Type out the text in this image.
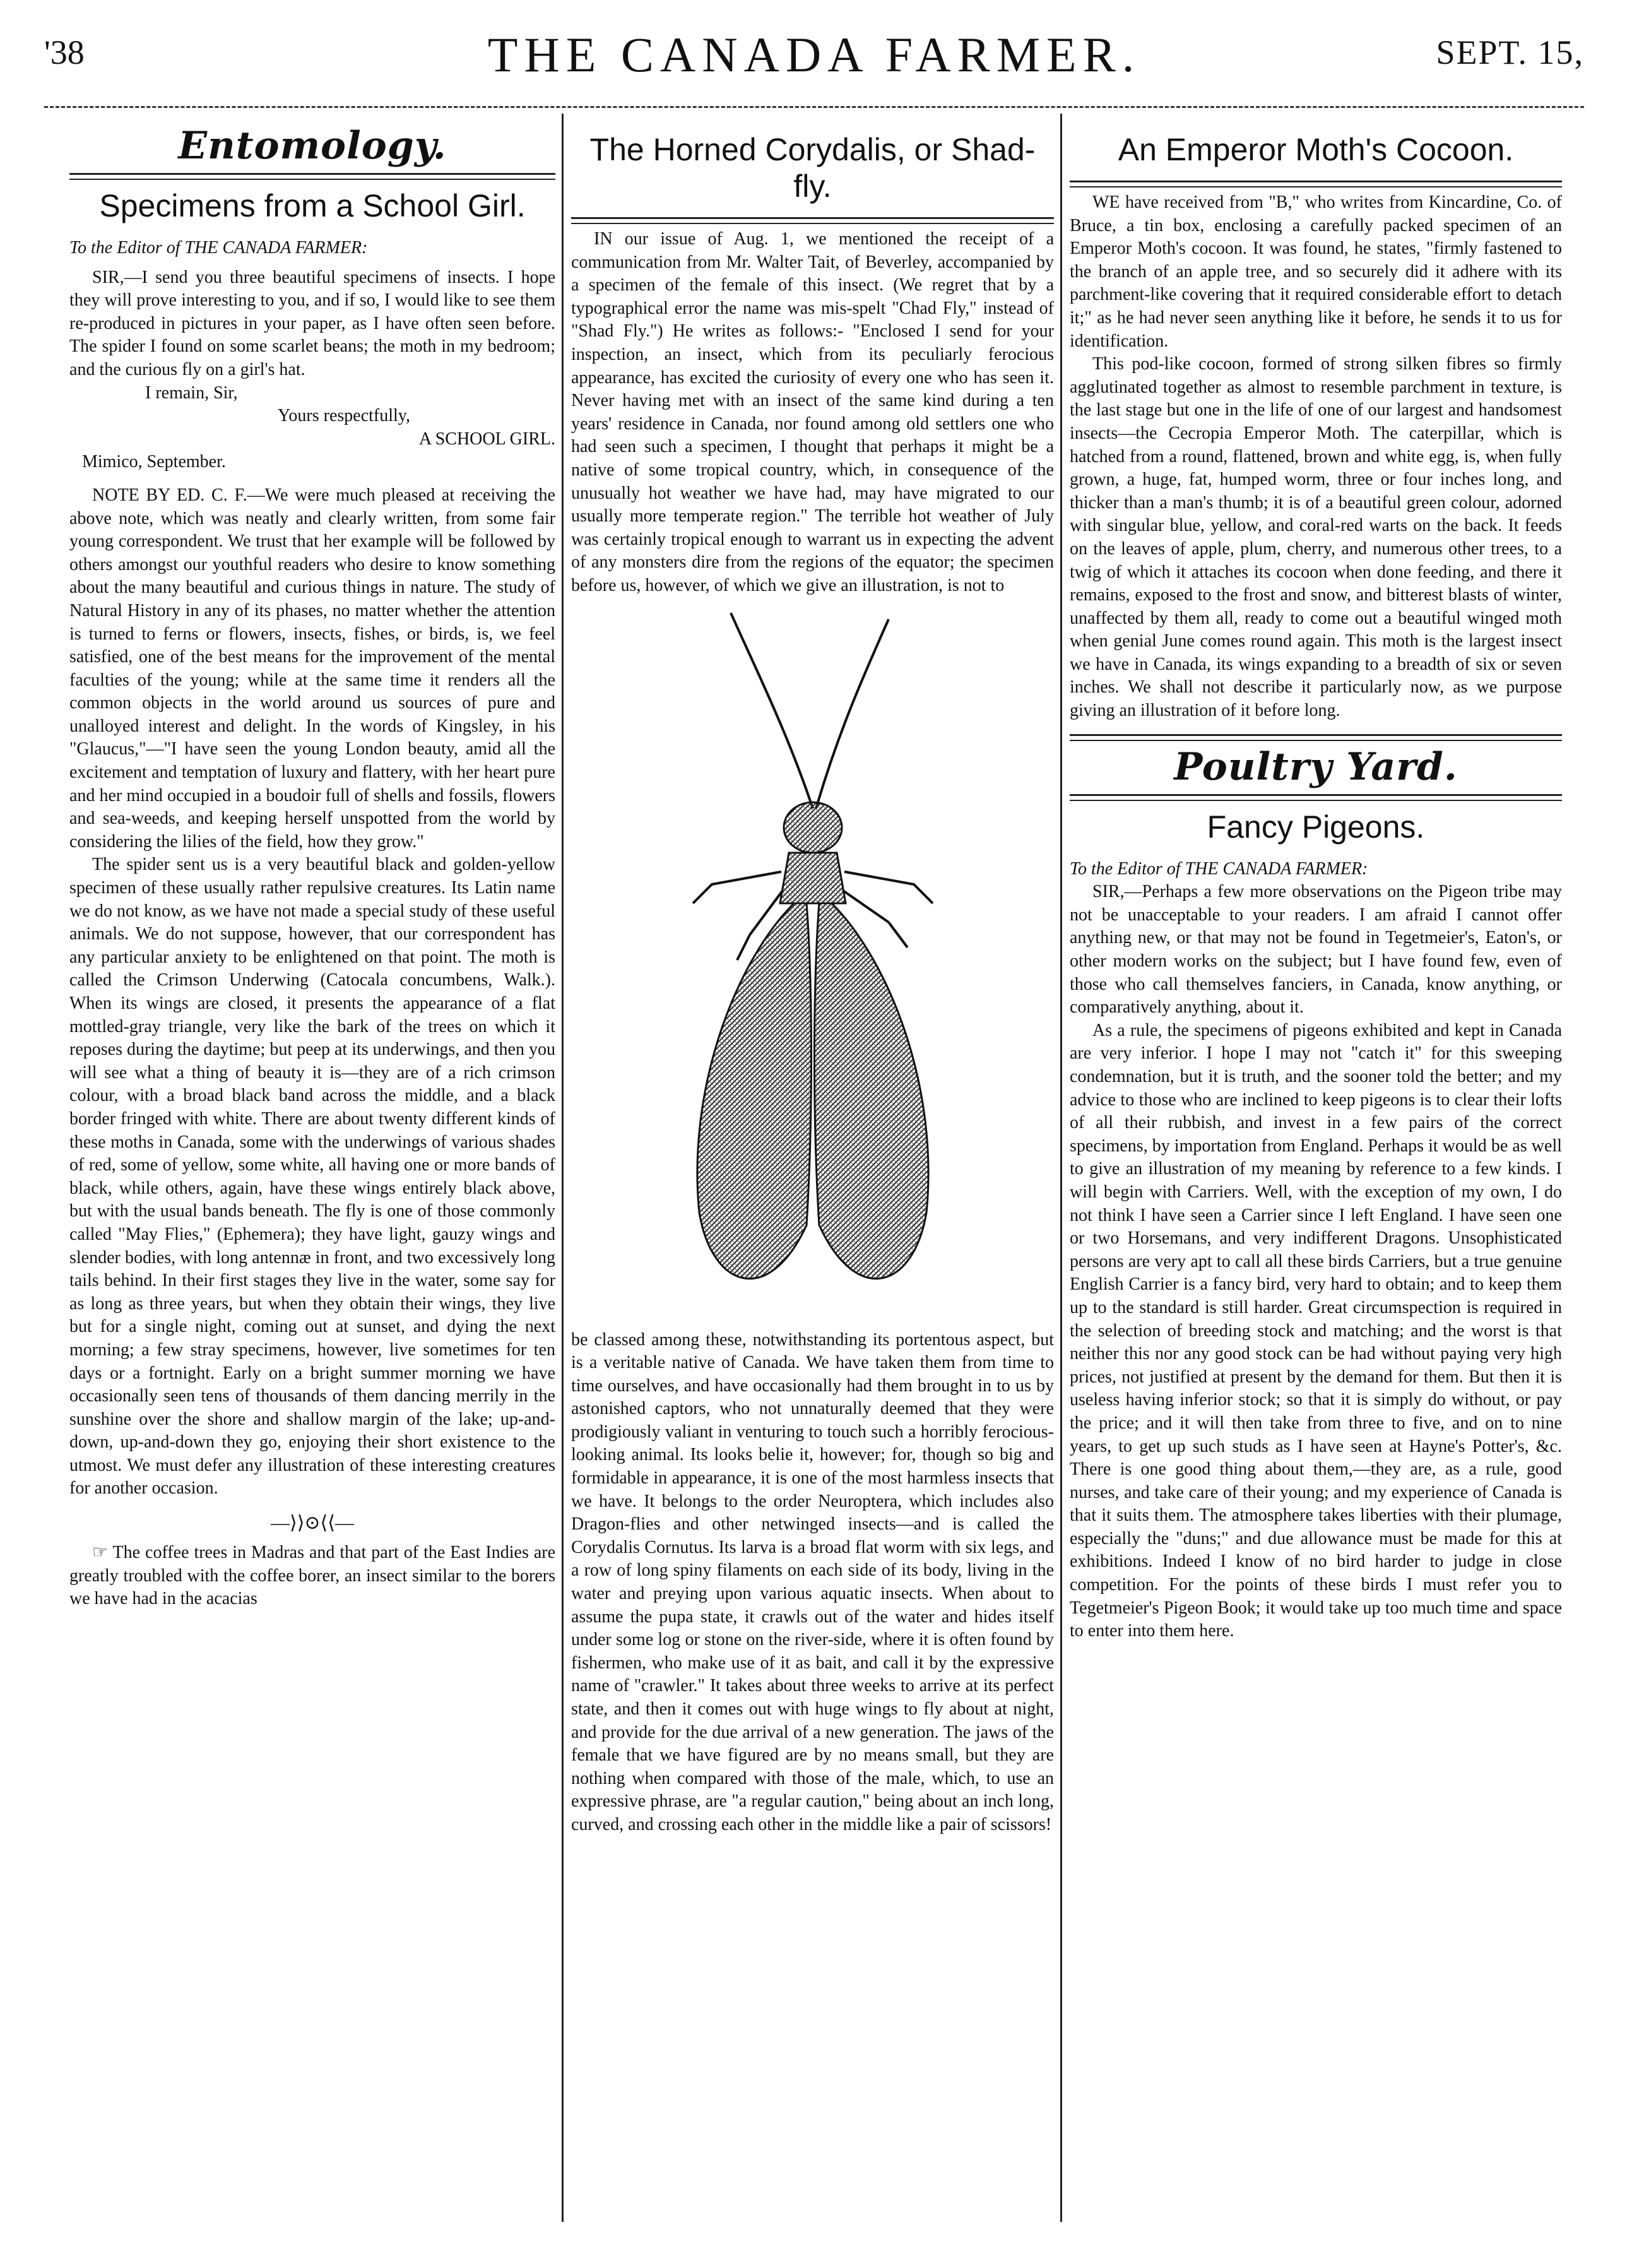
'38	THE CANADA FARMER.	SEPT. 15,
Entomology.
Specimens from a School Girl.

To the Editor of THE CANADA FARMER:

SIR,—I send you three beautiful specimens of insects. I hope they will prove interesting to you, and if so, I would like to see them re-produced in pictures in your paper, as I have often seen before. The spider I found on some scarlet beans; the moth in my bedroom; and the curious fly on a girl's hat.

I remain, Sir,

Yours respectfully,

A SCHOOL GIRL.

Mimico, September.

NOTE BY ED. C. F.—We were much pleased at receiving the above note, which was neatly and clearly written, from some fair young correspondent. We trust that her example will be followed by others amongst our youthful readers who desire to know something about the many beautiful and curious things in nature. The study of Natural History in any of its phases, no matter whether the attention is turned to ferns or flowers, insects, fishes, or birds, is, we feel satisfied, one of the best means for the improvement of the mental faculties of the young; while at the same time it renders all the common objects in the world around us sources of pure and unalloyed interest and delight. In the words of Kingsley, in his "Glaucus,"—"I have seen the young London beauty, amid all the excitement and temptation of luxury and flattery, with her heart pure and her mind occupied in a boudoir full of shells and fossils, flowers and sea-weeds, and keeping herself unspotted from the world by considering the lilies of the field, how they grow."

The spider sent us is a very beautiful black and golden-yellow specimen of these usually rather repulsive creatures. Its Latin name we do not know, as we have not made a special study of these useful animals. We do not suppose, however, that our correspondent has any particular anxiety to be enlightened on that point. The moth is called the Crimson Underwing (Catocala concumbens, Walk.). When its wings are closed, it presents the appearance of a flat mottled-gray triangle, very like the bark of the trees on which it reposes during the daytime; but peep at its underwings, and then you will see what a thing of beauty it is—they are of a rich crimson colour, with a broad black band across the middle, and a black border fringed with white. There are about twenty different kinds of these moths in Canada, some with the underwings of various shades of red, some of yellow, some white, all having one or more bands of black, while others, again, have these wings entirely black above, but with the usual bands beneath. The fly is one of those commonly called "May Flies," (Ephemera); they have light, gauzy wings and slender bodies, with long antennæ in front, and two excessively long tails behind. In their first stages they live in the water, some say for as long as three years, but when they obtain their wings, they live but for a single night, coming out at sunset, and dying the next morning; a few stray specimens, however, live sometimes for ten days or a fortnight. Early on a bright summer morning we have occasionally seen tens of thousands of them dancing merrily in the sunshine over the shore and shallow margin of the lake; up-and-down, up-and-down they go, enjoying their short existence to the utmost. We must defer any illustration of these interesting creatures for another occasion.

—⟩⟩⊙⟨⟨—

☞ The coffee trees in Madras and that part of the East Indies are greatly troubled with the coffee borer, an insect similar to the borers we have had in the acacias

The Horned Corydalis, or Shad-fly.

IN our issue of Aug. 1, we mentioned the receipt of a communication from Mr. Walter Tait, of Beverley, accompanied by a specimen of the female of this insect. (We regret that by a typographical error the name was mis-spelt "Chad Fly," instead of "Shad Fly.") He writes as follows:- "Enclosed I send for your inspection, an insect, which from its peculiarly ferocious appearance, has excited the curiosity of every one who has seen it. Never having met with an insect of the same kind during a ten years' residence in Canada, nor found among old settlers one who had seen such a specimen, I thought that perhaps it might be a native of some tropical country, which, in consequence of the unusually hot weather we have had, may have migrated to our usually more temperate region." The terrible hot weather of July was certainly tropical enough to warrant us in expecting the advent of any monsters dire from the regions of the equator; the specimen before us, however, of which we give an illustration, is not to

be classed among these, notwithstanding its portentous aspect, but is a veritable native of Canada. We have taken them from time to time ourselves, and have occasionally had them brought in to us by astonished captors, who not unnaturally deemed that they were prodigiously valiant in venturing to touch such a horribly ferocious-looking animal. Its looks belie it, however; for, though so big and formidable in appearance, it is one of the most harmless insects that we have. It belongs to the order Neuroptera, which includes also Dragon-flies and other netwinged insects—and is called the Corydalis Cornutus. Its larva is a broad flat worm with six legs, and a row of long spiny filaments on each side of its body, living in the water and preying upon various aquatic insects. When about to assume the pupa state, it crawls out of the water and hides itself under some log or stone on the river-side, where it is often found by fishermen, who make use of it as bait, and call it by the expressive name of "crawler." It takes about three weeks to arrive at its perfect state, and then it comes out with huge wings to fly about at night, and provide for the due arrival of a new generation. The jaws of the female that we have figured are by no means small, but they are nothing when compared with those of the male, which, to use an expressive phrase, are "a regular caution," being about an inch long, curved, and crossing each other in the middle like a pair of scissors!

An Emperor Moth's Cocoon.

WE have received from "B," who writes from Kincardine, Co. of Bruce, a tin box, enclosing a carefully packed specimen of an Emperor Moth's cocoon. It was found, he states, "firmly fastened to the branch of an apple tree, and so securely did it adhere with its parchment-like covering that it required considerable effort to detach it;" as he had never seen anything like it before, he sends it to us for identification.

This pod-like cocoon, formed of strong silken fibres so firmly agglutinated together as almost to resemble parchment in texture, is the last stage but one in the life of one of our largest and handsomest insects—the Cecropia Emperor Moth. The caterpillar, which is hatched from a round, flattened, brown and white egg, is, when fully grown, a huge, fat, humped worm, three or four inches long, and thicker than a man's thumb; it is of a beautiful green colour, adorned with singular blue, yellow, and coral-red warts on the back. It feeds on the leaves of apple, plum, cherry, and numerous other trees, to a twig of which it attaches its cocoon when done feeding, and there it remains, exposed to the frost and snow, and bitterest blasts of winter, unaffected by them all, ready to come out a beautiful winged moth when genial June comes round again. This moth is the largest insect we have in Canada, its wings expanding to a breadth of six or seven inches. We shall not describe it particularly now, as we purpose giving an illustration of it before long.

Poultry Yard.
Fancy Pigeons.

To the Editor of THE CANADA FARMER:

SIR,—Perhaps a few more observations on the Pigeon tribe may not be unacceptable to your readers. I am afraid I cannot offer anything new, or that may not be found in Tegetmeier's, Eaton's, or other modern works on the subject; but I have found few, even of those who call themselves fanciers, in Canada, know anything, or comparatively anything, about it.

As a rule, the specimens of pigeons exhibited and kept in Canada are very inferior. I hope I may not "catch it" for this sweeping condemnation, but it is truth, and the sooner told the better; and my advice to those who are inclined to keep pigeons is to clear their lofts of all their rubbish, and invest in a few pairs of the correct specimens, by importation from England. Perhaps it would be as well to give an illustration of my meaning by reference to a few kinds. I will begin with Carriers. Well, with the exception of my own, I do not think I have seen a Carrier since I left England. I have seen one or two Horsemans, and very indifferent Dragons. Unsophisticated persons are very apt to call all these birds Carriers, but a true genuine English Carrier is a fancy bird, very hard to obtain; and to keep them up to the standard is still harder. Great circumspection is required in the selection of breeding stock and matching; and the worst is that neither this nor any good stock can be had without paying very high prices, not justified at present by the demand for them. But then it is useless having inferior stock; so that it is simply do without, or pay the price; and it will then take from three to five, and on to nine years, to get up such studs as I have seen at Hayne's Potter's, &c. There is one good thing about them,—they are, as a rule, good nurses, and take care of their young; and my experience of Canada is that it suits them. The atmosphere takes liberties with their plumage, especially the "duns;" and due allowance must be made for this at exhibitions. Indeed I know of no bird harder to judge in close competition. For the points of these birds I must refer you to Tegetmeier's Pigeon Book; it would take up too much time and space to enter into them here.
